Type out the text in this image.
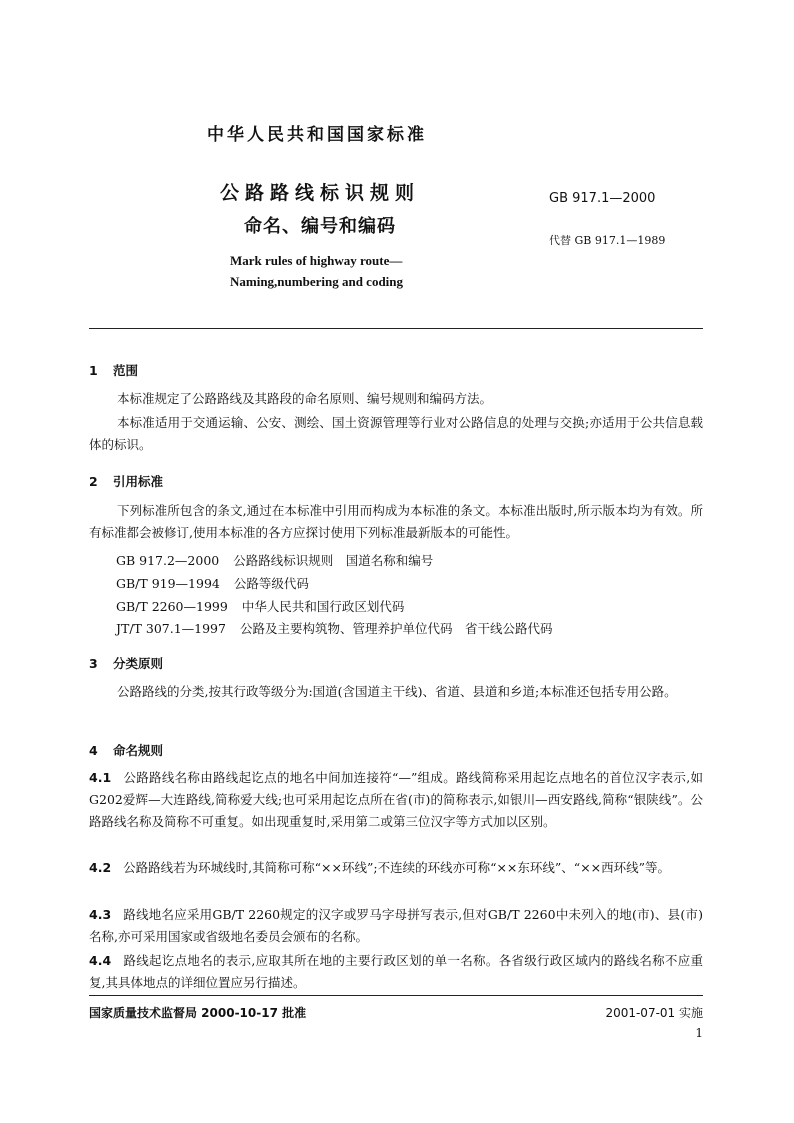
中华人民共和国国家标准
公路路线标识规则
命名、编号和编码
GB 917.1—2000
代替 GB 917.1—1989
Mark rules of highway route—
Naming,numbering and coding
1 范围
本标准规定了公路路线及其路段的命名原则、编号规则和编码方法。
本标准适用于交通运输、公安、测绘、国土资源管理等行业对公路信息的处理与交换;亦适用于公共信息载体的标识。
2 引用标准
下列标准所包含的条文,通过在本标准中引用而构成为本标准的条文。本标准出版时,所示版本均为有效。所有标准都会被修订,使用本标准的各方应探讨使用下列标准最新版本的可能性。
GB 917.2—2000 公路路线标识规则　国道名称和编号
GB/T 919—1994 公路等级代码
GB/T 2260—1999 中华人民共和国行政区划代码
JT/T 307.1—1997 公路及主要构筑物、管理养护单位代码　省干线公路代码
3 分类原则
公路路线的分类,按其行政等级分为:国道(含国道主干线)、省道、县道和乡道;本标准还包括专用公路。
4 命名规则
4.1 公路路线名称由路线起讫点的地名中间加连接符“—”组成。路线简称采用起讫点地名的首位汉字表示,如G202爱辉—大连路线,简称爱大线;也可采用起讫点所在省(市)的简称表示,如银川—西安路线,简称“银陕线”。公路路线名称及简称不可重复。如出现重复时,采用第二或第三位汉字等方式加以区别。
4.2 公路路线若为环城线时,其简称可称“××环线”;不连续的环线亦可称“××东环线”、“××西环线”等。
4.3 路线地名应采用GB/T 2260规定的汉字或罗马字母拼写表示,但对GB/T 2260中未列入的地(市)、县(市)名称,亦可采用国家或省级地名委员会颁布的名称。
4.4 路线起讫点地名的表示,应取其所在地的主要行政区划的单一名称。各省级行政区域内的路线名称不应重复,其具体地点的详细位置应另行描述。
国家质量技术监督局 2000-10-17 批准	2001-07-01 实施
1
